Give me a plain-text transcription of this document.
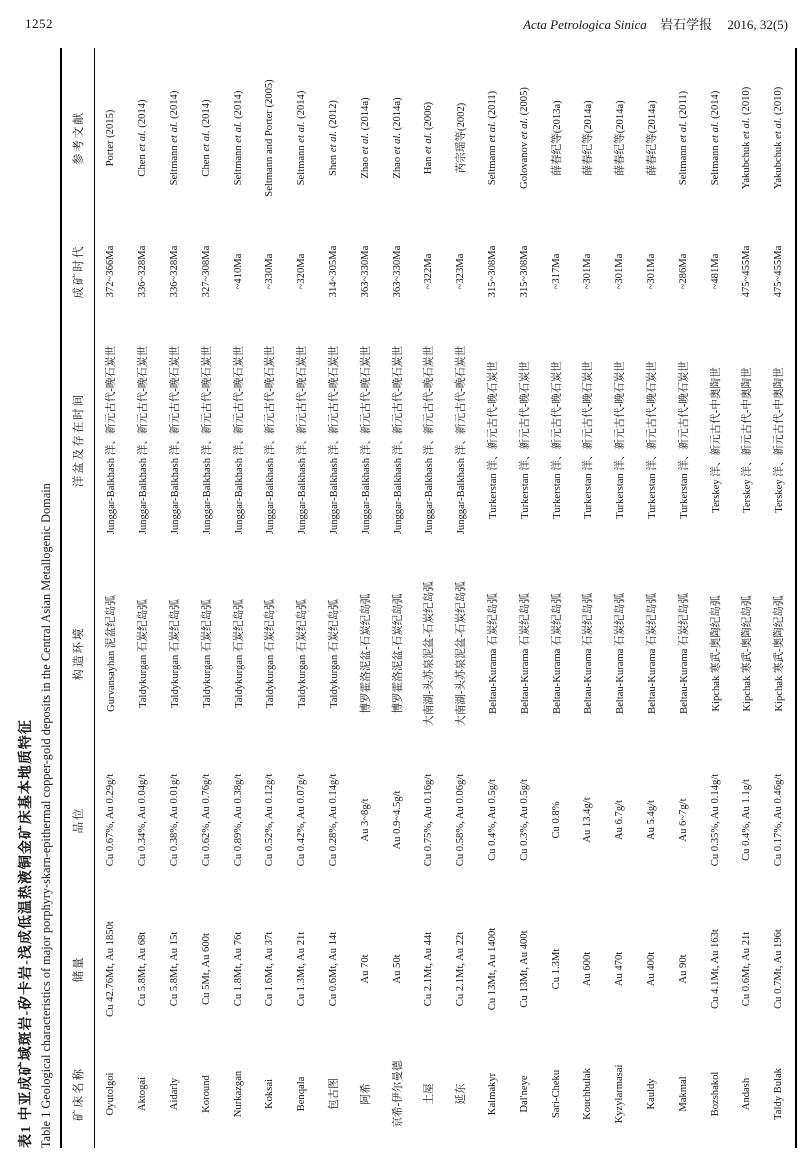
1252	Acta Petrologica Sinica 岩石学报 2016, 32(5)
表1 中亚成矿域斑岩-矽卡岩-浅成低温热液铜金矿床基本地质特征 Table 1 Geological characteristics of major porphyry-skarn-epithermal copper-gold deposits in the Central Asian Metallogenic Domain 矿床名称	储量	品位	构造环境	洋盆及存在时间	成矿时代	参考文献
Oyutolgoi	Cu 42.76Mt, Au 1850t	Cu 0.67%, Au 0.29g/t	Gurvansayhan 泥盆纪岛弧	Junggar-Balkhash 洋、新元古代-晚石炭世	372~366Ma	Porter (2015)
Aktogai	Cu 5.8Mt, Au 68t	Cu 0.34%, Au 0.04g/t	Taldykurgan 石炭纪岛弧	Junggar-Balkhash 洋、新元古代-晚石炭世	336~328Ma	Chen et al. (2014)
Aidarly	Cu 5.8Mt, Au 15t	Cu 0.38%, Au 0.01g/t	Taldykurgan 石炭纪岛弧	Junggar-Balkhash 洋、新元古代-晚石炭世	336~328Ma	Seltmann et al. (2014)
Koround	Cu 5Mt, Au 600t	Cu 0.62%, Au 0.76g/t	Taldykurgan 石炭纪岛弧	Junggar-Balkhash 洋、新元古代-晚石炭世	327~308Ma	Chen et al. (2014)
Nurkazgan	Cu 1.8Mt, Au 76t	Cu 0.89%, Au 0.38g/t	Taldykurgan 石炭纪岛弧	Junggar-Balkhash 洋、新元古代-晚石炭世	~410Ma	Seltmann et al. (2014)
Koksai	Cu 1.6Mt, Au 37t	Cu 0.52%, Au 0.12g/t	Taldykurgan 石炭纪岛弧	Junggar-Balkhash 洋、新元古代-晚石炭世	~330Ma	Seltmann and Porter (2005)
Benqala	Cu 1.3Mt, Au 21t	Cu 0.42%, Au 0.07g/t	Taldykurgan 石炭纪岛弧	Junggar-Balkhash 洋、新元古代-晚石炭世	~320Ma	Seltmann et al. (2014)
包古图	Cu 0.6Mt, Au 14t	Cu 0.28%, Au 0.14g/t	Taldykurgan 石炭纪岛弧	Junggar-Balkhash 洋、新元古代-晚石炭世	314~305Ma	Shen et al. (2012)
阿希	Au 70t	Au 3~8g/t	博罗霍洛泥盆-石炭纪岛弧	Junggar-Balkhash 洋、新元古代-晚石炭世	363~330Ma	Zhao et al. (2014a)
京希-伊尔曼德	Au 50t	Au 0.9~4.5g/t	博罗霍洛泥盆-石炭纪岛弧	Junggar-Balkhash 洋、新元古代-晚石炭世	363~330Ma	Zhao et al. (2014a)
土屋	Cu 2.1Mt, Au 44t	Cu 0.75%, Au 0.16g/t	大南湖-头苏泉泥盆-石炭纪岛弧	Junggar-Balkhash 洋、新元古代-晚石炭世	~322Ma	Han et al. (2006)
延东	Cu 2.1Mt, Au 22t	Cu 0.58%, Au 0.06g/t	大南湖-头苏泉泥盆-石炭纪岛弧	Junggar-Balkhash 洋、新元古代-晚石炭世	~323Ma	芮宗瑶等(2002)
Kalmakyr	Cu 13Mt, Au 1400t	Cu 0.4%, Au 0.5g/t	Beltau-Kurama 石炭纪岛弧	Turkerstan 洋、新元古代-晚石炭世	315~308Ma	Seltmann et al. (2011)
Dal'neye	Cu 13Mt, Au 400t	Cu 0.3%, Au 0.5g/t	Beltau-Kurama 石炭纪岛弧	Turkerstan 洋、新元古代-晚石炭世	315~308Ma	Golovanov et al. (2005)
Sari-Cheku	Cu 1.3Mt	Cu 0.8%	Beltau-Kurama 石炭纪岛弧	Turkerstan 洋、新元古代-晚石炭世	~317Ma	薛春纪等(2013a)
Kouchbulak	Au 600t	Au 13.4g/t	Beltau-Kurama 石炭纪岛弧	Turkerstan 洋、新元古代-晚石炭世	~301Ma	薛春纪等(2014a)
Kyzylarmasai	Au 470t	Au 6.7g/t	Beltau-Kurama 石炭纪岛弧	Turkerstan 洋、新元古代-晚石炭世	~301Ma	薛春纪等(2014a)
Kauldy	Au 400t	Au 5.4g/t	Beltau-Kurama 石炭纪岛弧	Turkerstan 洋、新元古代-晚石炭世	~301Ma	薛春纪等(2014a)
Makmal	Au 90t	Au 6~7g/t	Beltau-Kurama 石炭纪岛弧	Turkerstan 洋、新元古代-晚石炭世	~286Ma	Seltmann et al. (2011)
Bozshakol	Cu 4.1Mt, Au 163t	Cu 0.35%, Au 0.14g/t	Kipchak 寒武-奥陶纪岛弧	Terskey 洋、新元古代-中奥陶世	~481Ma	Seltmann et al. (2014)
Andash	Cu 0.6Mt, Au 21t	Cu 0.4%, Au 1.1g/t	Kipchak 寒武-奥陶纪岛弧	Terskey 洋、新元古代-中奥陶世	475~455Ma	Yakubchuk et al. (2010)
Taldy Bulak	Cu 0.7Mt, Au 196t	Cu 0.17%, Au 0.46g/t	Kipchak 寒武-奥陶纪岛弧	Terskey 洋、新元古代-中奥陶世	475~455Ma	Yakubchuk et al. (2010)
